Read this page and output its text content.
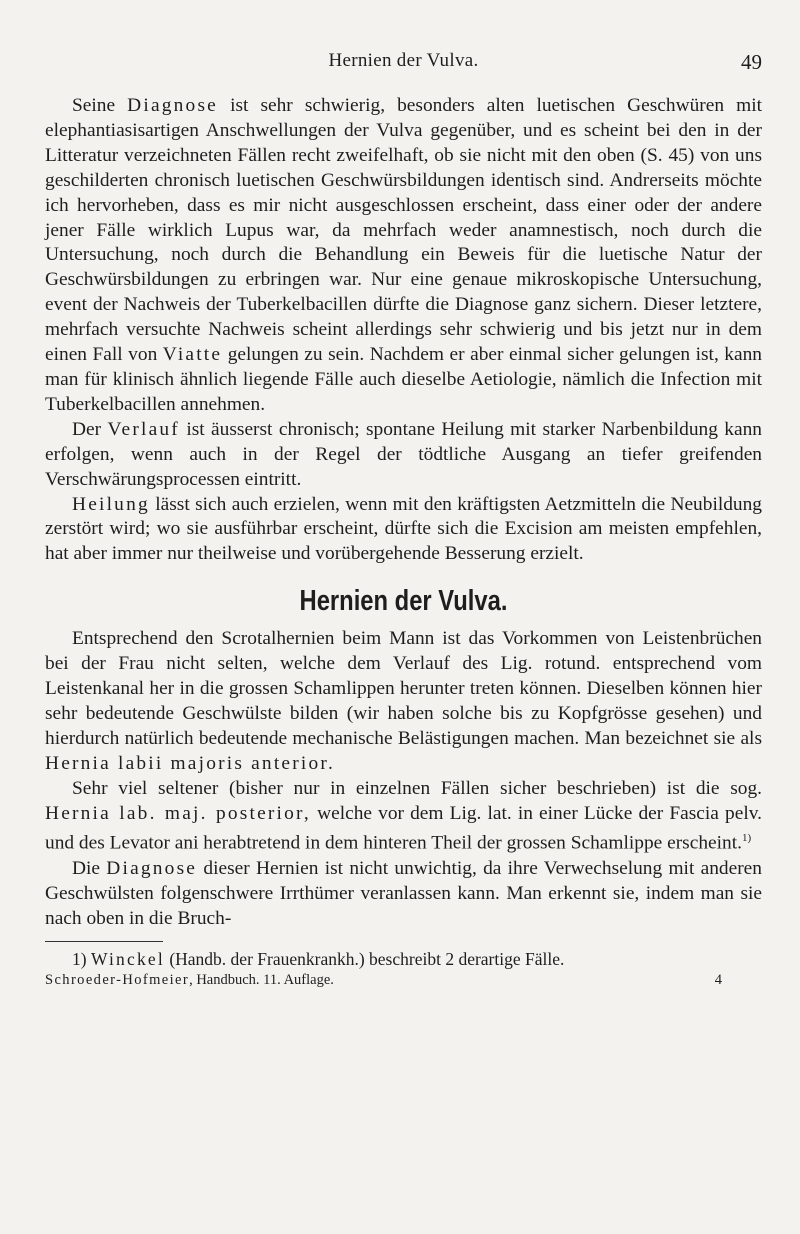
Hernien der Vulva.	49

Seine Diagnose ist sehr schwierig, besonders alten luetischen Geschwüren mit elephantiasisartigen Anschwellungen der Vulva gegenüber, und es scheint bei den in der Litteratur verzeichneten Fällen recht zweifelhaft, ob sie nicht mit den oben (S. 45) von uns geschilderten chronisch luetischen Geschwürsbildungen identisch sind. Andrerseits möchte ich hervorheben, dass es mir nicht ausgeschlossen erscheint, dass einer oder der andere jener Fälle wirklich Lupus war, da mehrfach weder anamnestisch, noch durch die Untersuchung, noch durch die Behandlung ein Beweis für die luetische Natur der Geschwürsbildungen zu erbringen war. Nur eine genaue mikroskopische Untersuchung, event der Nachweis der Tuberkelbacillen dürfte die Diagnose ganz sichern. Dieser letztere, mehrfach versuchte Nachweis scheint allerdings sehr schwierig und bis jetzt nur in dem einen Fall von Viatte gelungen zu sein. Nachdem er aber einmal sicher gelungen ist, kann man für klinisch ähnlich liegende Fälle auch dieselbe Aetiologie, nämlich die Infection mit Tuberkelbacillen annehmen.

Der Verlauf ist äusserst chronisch; spontane Heilung mit starker Narbenbildung kann erfolgen, wenn auch in der Regel der tödtliche Ausgang an tiefer greifenden Verschwärungsprocessen eintritt.

Heilung lässt sich auch erzielen, wenn mit den kräftigsten Aetzmitteln die Neubildung zerstört wird; wo sie ausführbar erscheint, dürfte sich die Excision am meisten empfehlen, hat aber immer nur theilweise und vorübergehende Besserung erzielt.

Hernien der Vulva.

Entsprechend den Scrotalhernien beim Mann ist das Vorkommen von Leistenbrüchen bei der Frau nicht selten, welche dem Verlauf des Lig. rotund. entsprechend vom Leistenkanal her in die grossen Schamlippen herunter treten können. Dieselben können hier sehr bedeutende Geschwülste bilden (wir haben solche bis zu Kopfgrösse gesehen) und hierdurch natürlich bedeutende mechanische Belästigungen machen. Man bezeichnet sie als Hernia labii majoris anterior.

Sehr viel seltener (bisher nur in einzelnen Fällen sicher beschrieben) ist die sog. Hernia lab. maj. posterior, welche vor dem Lig. lat. in einer Lücke der Fascia pelv. und des Levator ani herabtretend in dem hinteren Theil der grossen Schamlippe erscheint.$^{1)}$

Die Diagnose dieser Hernien ist nicht unwichtig, da ihre Verwechselung mit anderen Geschwülsten folgenschwere Irrthümer veranlassen kann. Man erkennt sie, indem man sie nach oben in die Bruch-

1) Winckel (Handb. der Frauenkrankh.) beschreibt 2 derartige Fälle.

Schroeder-Hofmeier, Handbuch. 11. Auflage.	4
